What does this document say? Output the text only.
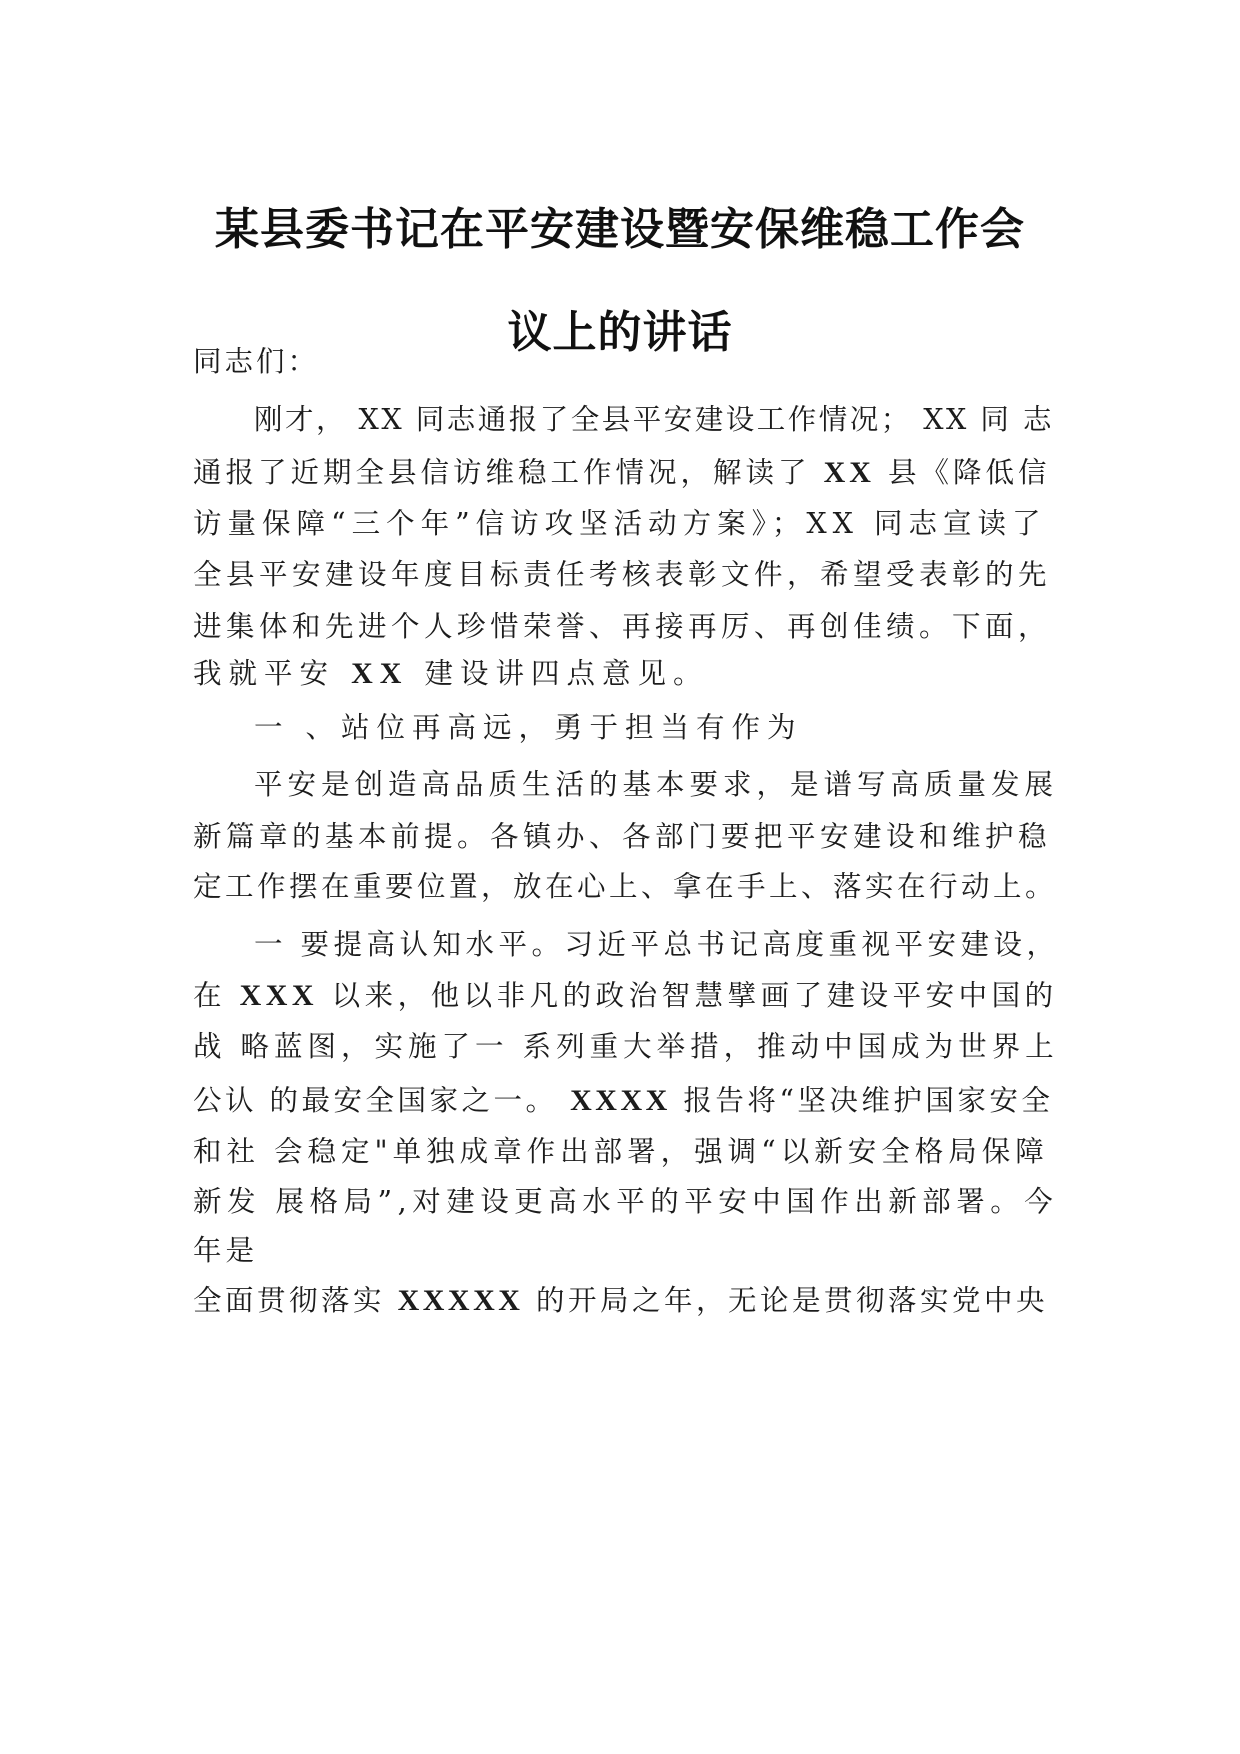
某县委书记在平安建设暨安保维稳工作会
议上的讲话
同志们：
刚才， XX 同志通报了全县平安建设工作情况； XX 同 志
通报了近期全县信访维稳工作情况，解读了 XX 县《降低信
访量保障“三个年”信访攻坚活动方案》；XX 同志宣读了
全县平安建设年度目标责任考核表彰文件，希望受表彰的先
进集体和先进个人珍惜荣誉、再接再厉、再创佳绩。下面，
我就平安 XX 建设讲四点意见。
一 、站位再高远，勇于担当有作为
平安是创造高品质生活的基本要求，是谱写高质量发展
新篇章的基本前提。各镇办、各部门要把平安建设和维护稳
定工作摆在重要位置，放在心上、拿在手上、落实在行动上。
一 要提高认知水平。习近平总书记高度重视平安建设，
在 XXX 以来，他以非凡的政治智慧擘画了建设平安中国的
战 略蓝图，实施了一 系列重大举措，推动中国成为世界上
公认 的最安全国家之一。 XXXX 报告将“坚决维护国家安全
和社 会稳定"单独成章作出部署，强调“以新安全格局保障
新发 展格局”,对建设更高水平的平安中国作出新部署。今
年是
全面贯彻落实 XXXXX 的开局之年，无论是贯彻落实党中央
